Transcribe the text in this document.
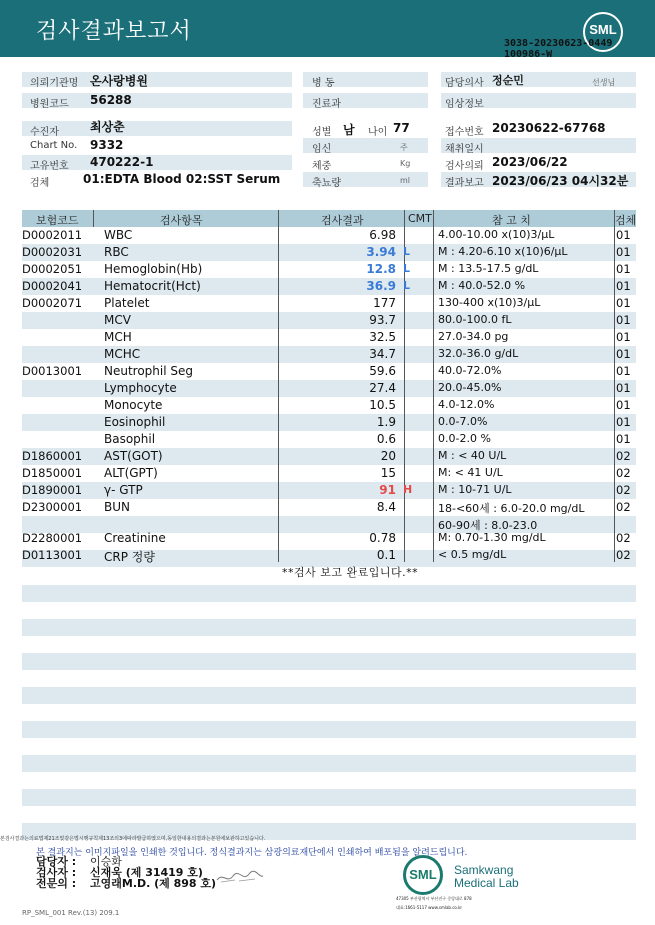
검사결과보고서	SML
3038-20230623-0449
100986-W
의뢰기관명 온사랑병원	병 동	담당의사 정순민	선생님
병원코드 56288	진료과	임상정보
수진자	최상춘	성별 남 나이 77	접수번호 20230622-67768
Chart No. 9332	임신	주	채취일시
고유번호 470222-1	체중	Kg	검사의뢰 2023/06/22
검체	01:EDTA Blood 02:SST Serum	축뇨량	ml	결과보고 2023/06/23 04시32분
보험코드	검사항목	검사결과	CMT	참 고 치	검체
D0002011 WBC	6.98	4.00-10.00 x(10)3/μL	01
D0002031 RBC	3.94 L	M : 4.20-6.10 x(10)6/μL	01
D0002051 Hemoglobin(Hb)	12.8 L	M : 13.5-17.5 g/dL	01
D0002041 Hematocrit(Hct)	36.9 L	M : 40.0-52.0 %	01
D0002071 Platelet	177	130-400 x(10)3/μL	01
MCV	93.7	80.0-100.0 fL	01
MCH	32.5	27.0-34.0 pg	01
MCHC	34.7	32.0-36.0 g/dL	01
D0013001 Neutrophil Seg	59.6	40.0-72.0%	01
Lymphocyte	27.4	20.0-45.0%	01
Monocyte	10.5	4.0-12.0%	01
Eosinophil	1.9	0.0-7.0%	01
Basophil	0.6	0.0-2.0 %	01
D1860001 AST(GOT)	20	M : < 40 U/L	02
D1850001 ALT(GPT)	15	M: < 41 U/L	02
D1890001 γ- GTP	91 H M : 10-71 U/L	02
D2300001 BUN	8.4	18-<60세 : 6.0-20.0 mg/dL	02
60-90세 : 8.0-23.0
D2280001 Creatinine	0.78	M: 0.70-1.30 mg/dL	02
D0113001 CRP 정량	0.1	< 0.5 mg/dL	02
**검사 보고 완료입니다.**
본검사결과는의료법제21조및같은법시행규칙제13조의3에따라발급하였으며,동일한내용의결과는본원에보관하고있습니다.
본 결과지는 이미지파일을 인쇄한 것입니다. 정식결과지는 삼광의료재단에서 인쇄하여 배포됨을 알려드립니다.
담당자 : 이승화
검사자 : 신재욱 (제 31419 호)
전문의 : 고영래M.D. (제 898 호)
SML Samkwang
Medical Lab
47305 부산광역시 부산진구 중앙대로 878
대표:1661-5117 www.smlab.co.kr
RP_SML_001 Rev.(13) 209.1
